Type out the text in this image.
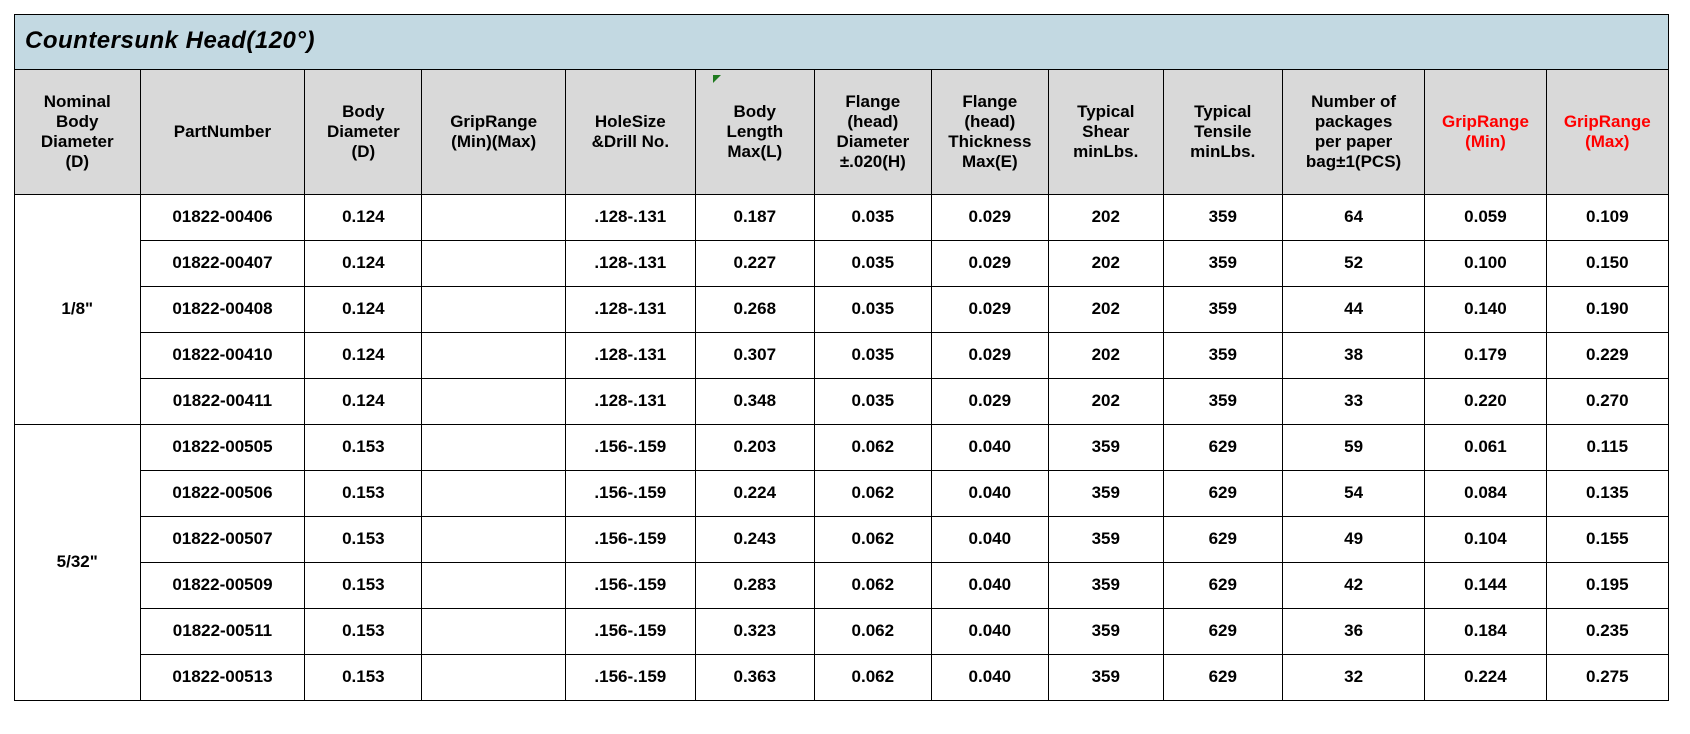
Countersunk Head(120°)												

Nominal
Body
Diameter
(D)	PartNumber	Body
Diameter
(D)	GripRange
(Min)(Max)	HoleSize
&Drill No.	Body
Length
Max(L)	Flange
(head)
Diameter
±.020(H)	Flange
(head)
Thickness
Max(E)	Typical
Shear
minLbs.	Typical
Tensile
minLbs.	Number of
packages
per paper
bag±1(PCS)	GripRange
(Min)	GripRange
(Max)

1/8"	01822-00406	0.124		.128-.131	0.187	0.035	0.029	202	359	64	0.059	0.109
	01822-00407	0.124		.128-.131	0.227	0.035	0.029	202	359	52	0.100	0.150
	01822-00408	0.124		.128-.131	0.268	0.035	0.029	202	359	44	0.140	0.190
	01822-00410	0.124		.128-.131	0.307	0.035	0.029	202	359	38	0.179	0.229
	01822-00411	0.124		.128-.131	0.348	0.035	0.029	202	359	33	0.220	0.270
5/32"	01822-00505	0.153		.156-.159	0.203	0.062	0.040	359	629	59	0.061	0.115
	01822-00506	0.153		.156-.159	0.224	0.062	0.040	359	629	54	0.084	0.135
	01822-00507	0.153		.156-.159	0.243	0.062	0.040	359	629	49	0.104	0.155
	01822-00509	0.153		.156-.159	0.283	0.062	0.040	359	629	42	0.144	0.195
	01822-00511	0.153		.156-.159	0.323	0.062	0.040	359	629	36	0.184	0.235
	01822-00513	0.153		.156-.159	0.363	0.062	0.040	359	629	32	0.224	0.275
